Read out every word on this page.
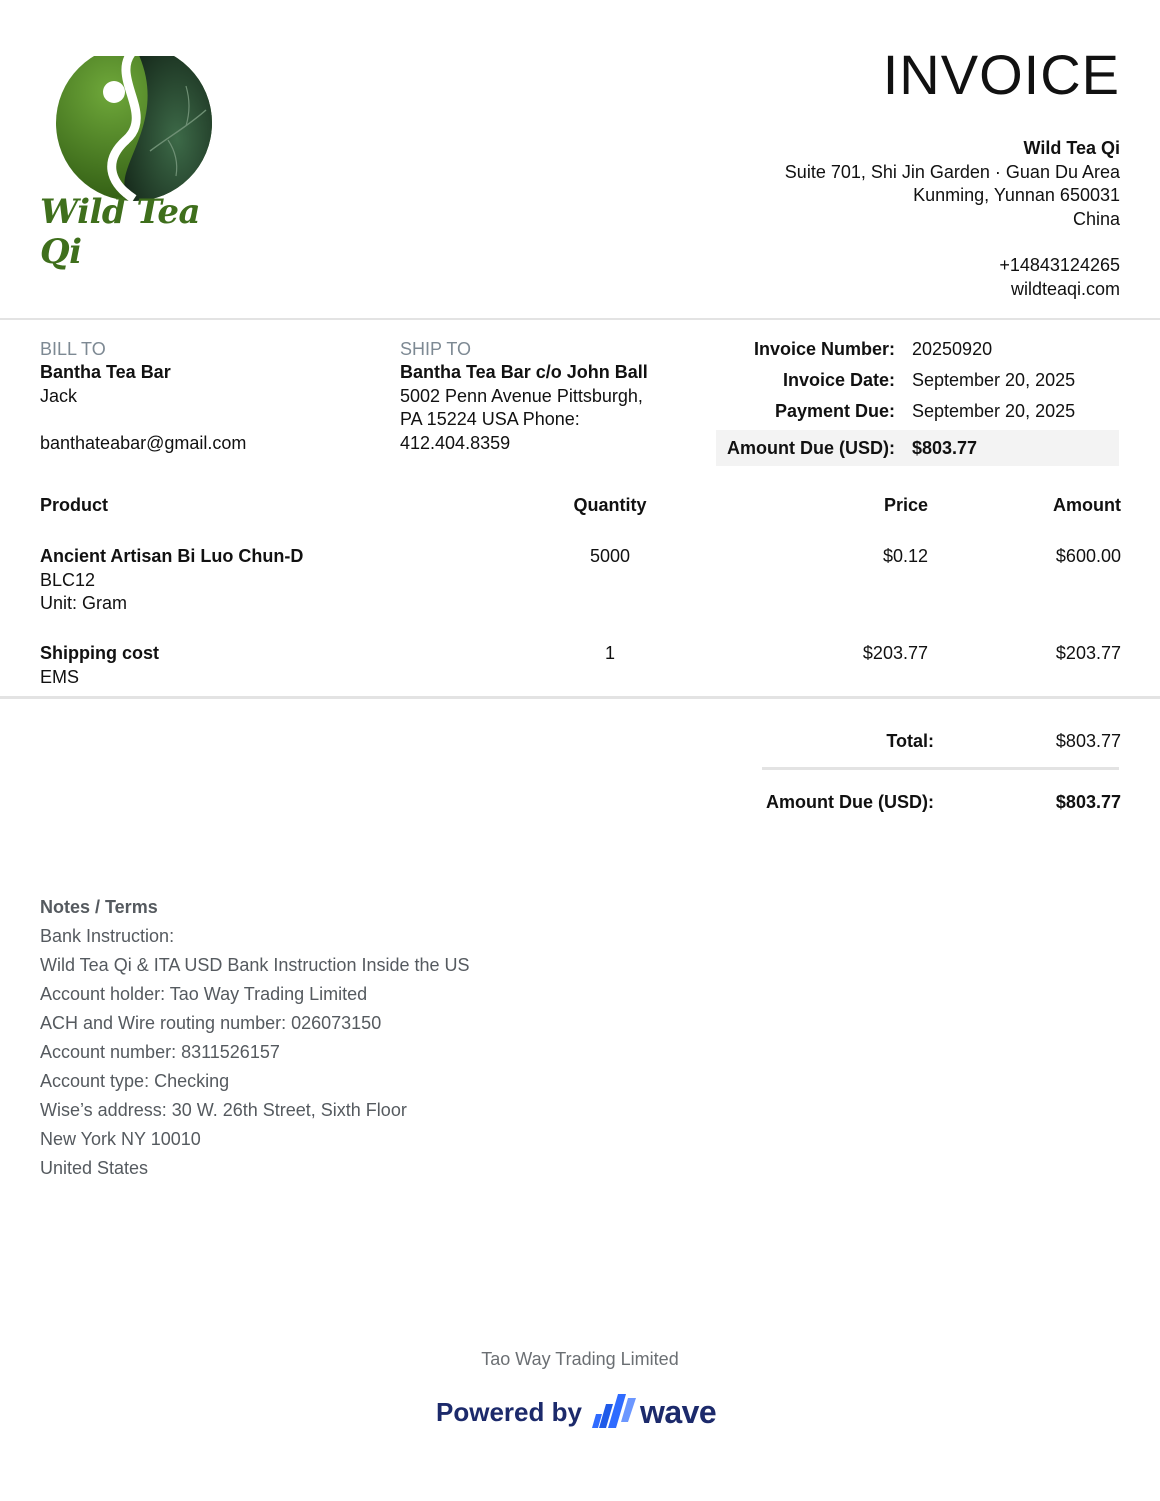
Wild Tea Qi
INVOICE
Wild Tea Qi
Suite 701, Shi Jin Garden · Guan Du Area
Kunming, Yunnan 650031
China
+14843124265
wildteaqi.com
BILL TO
Bantha Tea Bar
Jack
banthateabar@gmail.com
SHIP TO
Bantha Tea Bar c/o John Ball
5002 Penn Avenue Pittsburgh,
PA 15224 USA Phone:
412.404.8359
Invoice Number: 20250920
Invoice Date: September 20, 2025
Payment Due: September 20, 2025
Amount Due (USD): $803.77
Product	Quantity	Price	Amount
Ancient Artisan Bi Luo Chun-D
BLC12
Unit: Gram
5000	$0.12	$600.00
Shipping cost
EMS
1	$203.77	$203.77
Total:	$803.77
Amount Due (USD):	$803.77
Notes / Terms
Bank Instruction:
Wild Tea Qi & ITA USD Bank Instruction Inside the US
Account holder: Tao Way Trading Limited
ACH and Wire routing number: 026073150
Account number: 8311526157
Account type: Checking
Wise’s address: 30 W. 26th Street, Sixth Floor
New York NY 10010
United States
Tao Way Trading Limited
Powered by wave
